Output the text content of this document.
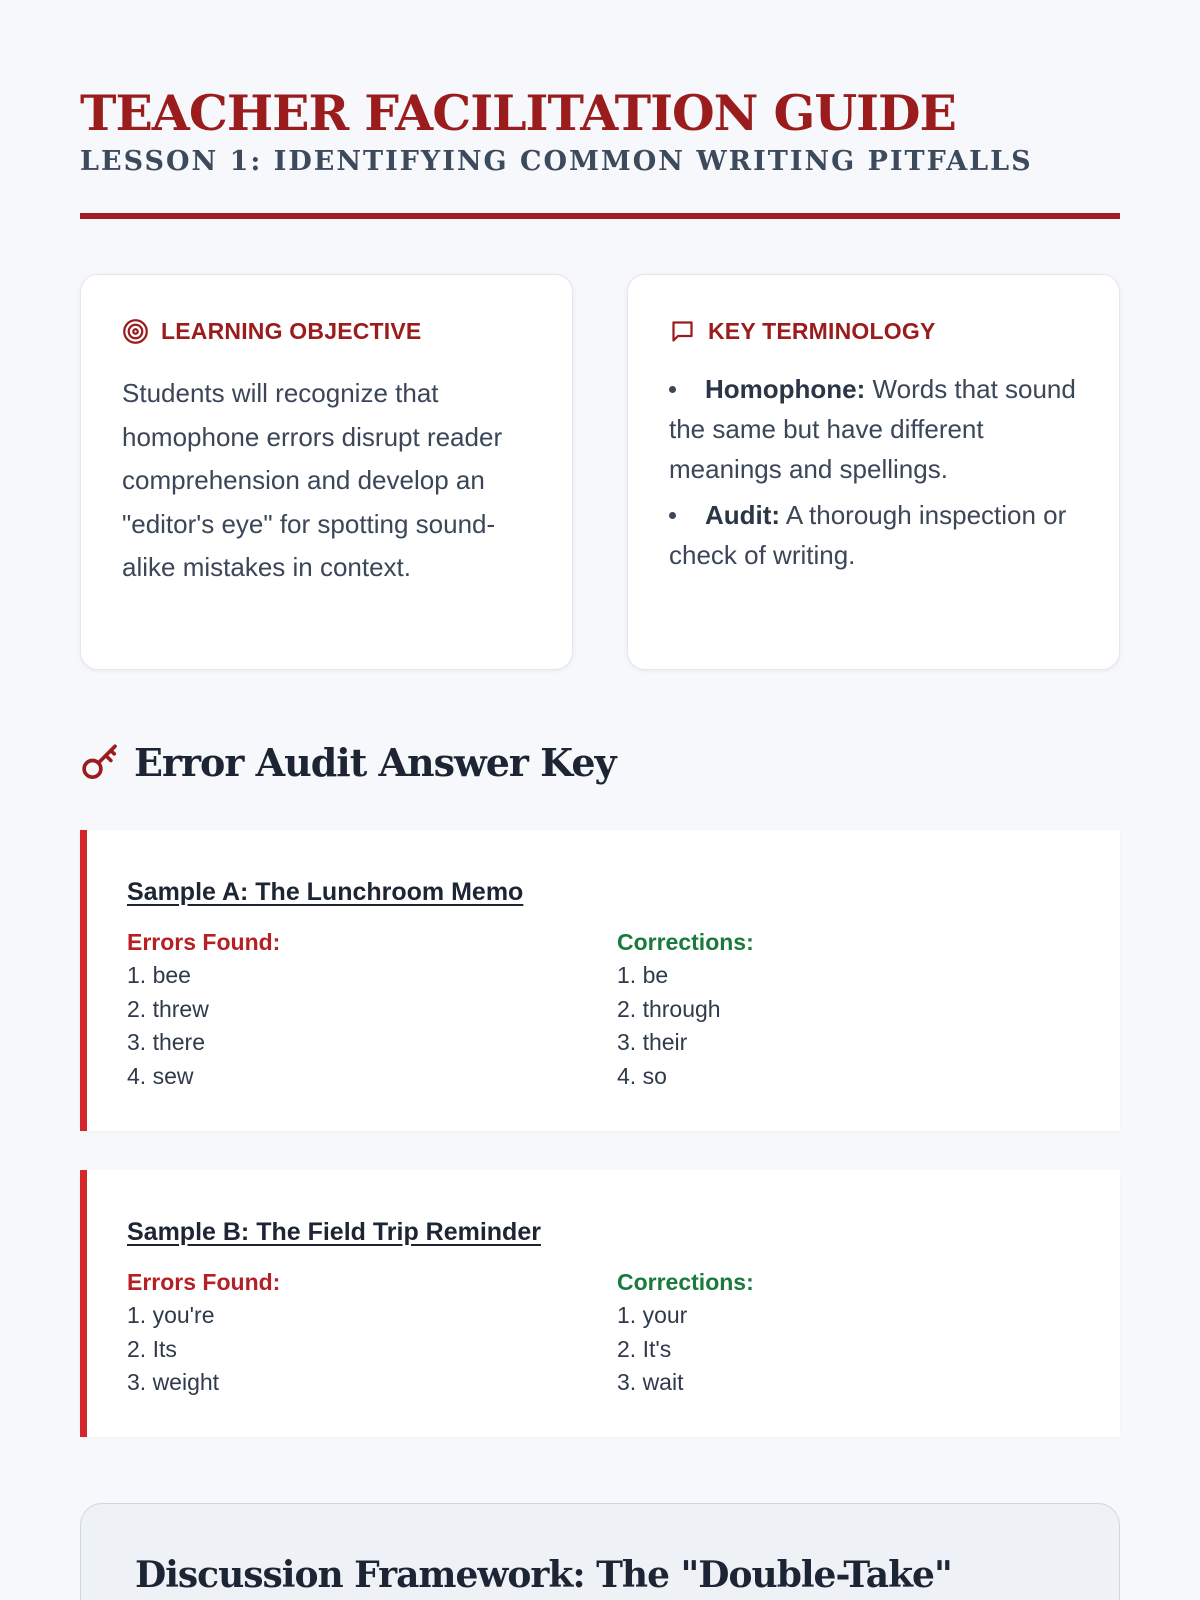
TEACHER FACILITATION GUIDE
LESSON 1: IDENTIFYING COMMON WRITING PITFALLS
LEARNING OBJECTIVE

Students will recognize that homophone errors disrupt reader comprehension and develop an "editor's eye" for spotting sound-alike mistakes in context.

KEY TERMINOLOGY
Homophone: Words that sound the same but have different meanings and spellings.
Audit: A thorough inspection or check of writing.
Error Audit Answer Key
Sample A: The Lunchroom Memo
Errors Found:
1. bee
2. threw
3. there
4. sew
Corrections:
1. be
2. through
3. their
4. so
Sample B: The Field Trip Reminder
Errors Found:
1. you're
2. Its
3. weight
Corrections:
1. your
2. It's
3. wait
Discussion Framework: The "Double-Take"
